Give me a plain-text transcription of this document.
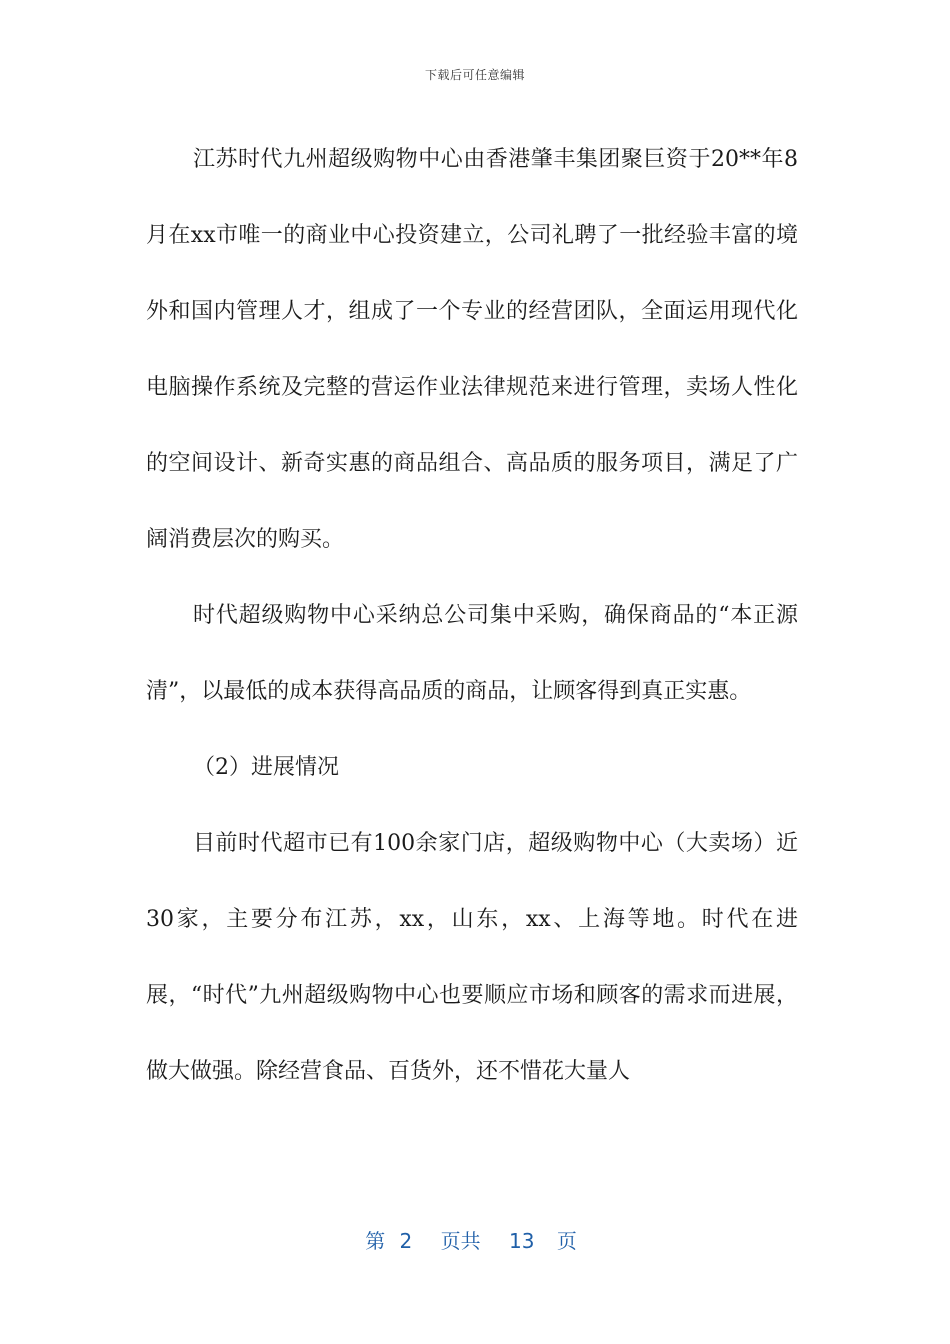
下载后可任意编辑

江苏时代九州超级购物中心由香港肇丰集团聚巨资于20**年8月在xx市唯一的商业中心投资建立，公司礼聘了一批经验丰富的境外和国内管理人才，组成了一个专业的经营团队，全面运用现代化电脑操作系统及完整的营运作业法律规范来进行管理，卖场人性化的空间设计、新奇实惠的商品组合、高品质的服务项目，满足了广阔消费层次的购买。

时代超级购物中心采纳总公司集中采购，确保商品的“本正源清”，以最低的成本获得高品质的商品，让顾客得到真正实惠。

（2）进展情况

目前时代超市已有100余家门店，超级购物中心（大卖场）近30家，主要分布江苏，xx，山东，xx、上海等地。时代在进展，“时代”九州超级购物中心也要顺应市场和顾客的需求而进展，做大做强。除经营食品、百货外，还不惜花大量人

第 2 页共 13 页
